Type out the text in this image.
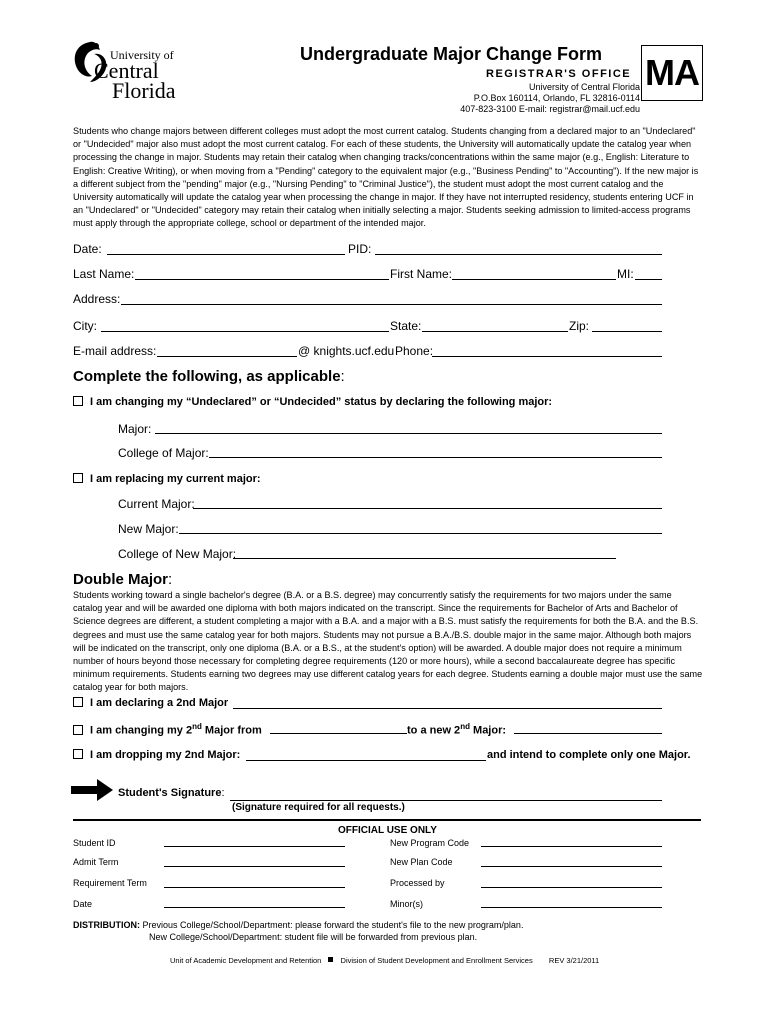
University of
Central
Florida
Undergraduate Major Change Form
REGISTRAR'S OFFICE
University of Central Florida
P.O.Box 160114, Orlando, FL 32816-0114
407-823-3100 E-mail: registrar@mail.ucf.edu
MA
Students who change majors between different colleges must adopt the most current catalog. Students changing from a declared major to an "Undeclared" or "Undecided" major also must adopt the most current catalog. For each of these students, the University will automatically update the catalog year when processing the change in major. Students may retain their catalog when changing tracks/concentrations within the same major (e.g., English: Literature to English: Creative Writing), or when moving from a "Pending" category to the equivalent major (e.g., "Business Pending" to "Accounting"). If the new major is a different subject from the "pending" major (e.g., "Nursing Pending" to "Criminal Justice"), the student must adopt the most current catalog and the University automatically will update the catalog year when processing the change in major. If they have not interrupted residency, students entering UCF in an "Undeclared" or "Undecided" category may retain their catalog when initially selecting a major. Students seeking admission to limited-access programs must apply through the appropriate college, school or department of the intended major.
Date:	PID:
Last Name:	First Name:	MI:
Address:
City:	State:	Zip:
E-mail address:	@ knights.ucf.edu Phone:
Complete the following, as applicable:
I am changing my “Undeclared” or “Undecided” status by declaring the following major:
Major:
College of Major:
I am replacing my current major:
Current Major:
New Major:
College of New Major:
Double Major:
Students working toward a single bachelor's degree (B.A. or a B.S. degree) may concurrently satisfy the requirements for two majors under the same catalog year and will be awarded one diploma with both majors indicated on the transcript. Since the requirements for Bachelor of Arts and Bachelor of Science degrees are different, a student completing a major with a B.A. and a major with a B.S. must satisfy the requirements for both the B.A. and the B.S. degrees and must use the same catalog year for both majors. Students may not pursue a B.A./B.S. double major in the same major. Although both majors will be indicated on the transcript, only one diploma (B.A. or a B.S., at the student's option) will be awarded. A double major does not require a minimum number of hours beyond those necessary for completing degree requirements (120 or more hours), while a second baccalaureate degree has specific minimum requirements. Students earning two degrees may use different catalog years for each degree. Students earning a double major must use the same catalog year for both majors.
I am declaring a 2nd Major
I am changing my 2nd Major from	to a new 2nd Major:
I am dropping my 2nd Major:	and intend to complete only one Major.
Student's Signature:
(Signature required for all requests.)
OFFICIAL USE ONLY
Student ID	New Program Code
Admit Term	New Plan Code
Requirement Term	Processed by
Date	Minor(s)
DISTRIBUTION: Previous College/School/Department: please forward the student's file to the new program/plan.
New College/School/Department: student file will be forwarded from previous plan.
Unit of Academic Development and Retention	Division of Student Development and Enrollment Services REV 3/21/2011
